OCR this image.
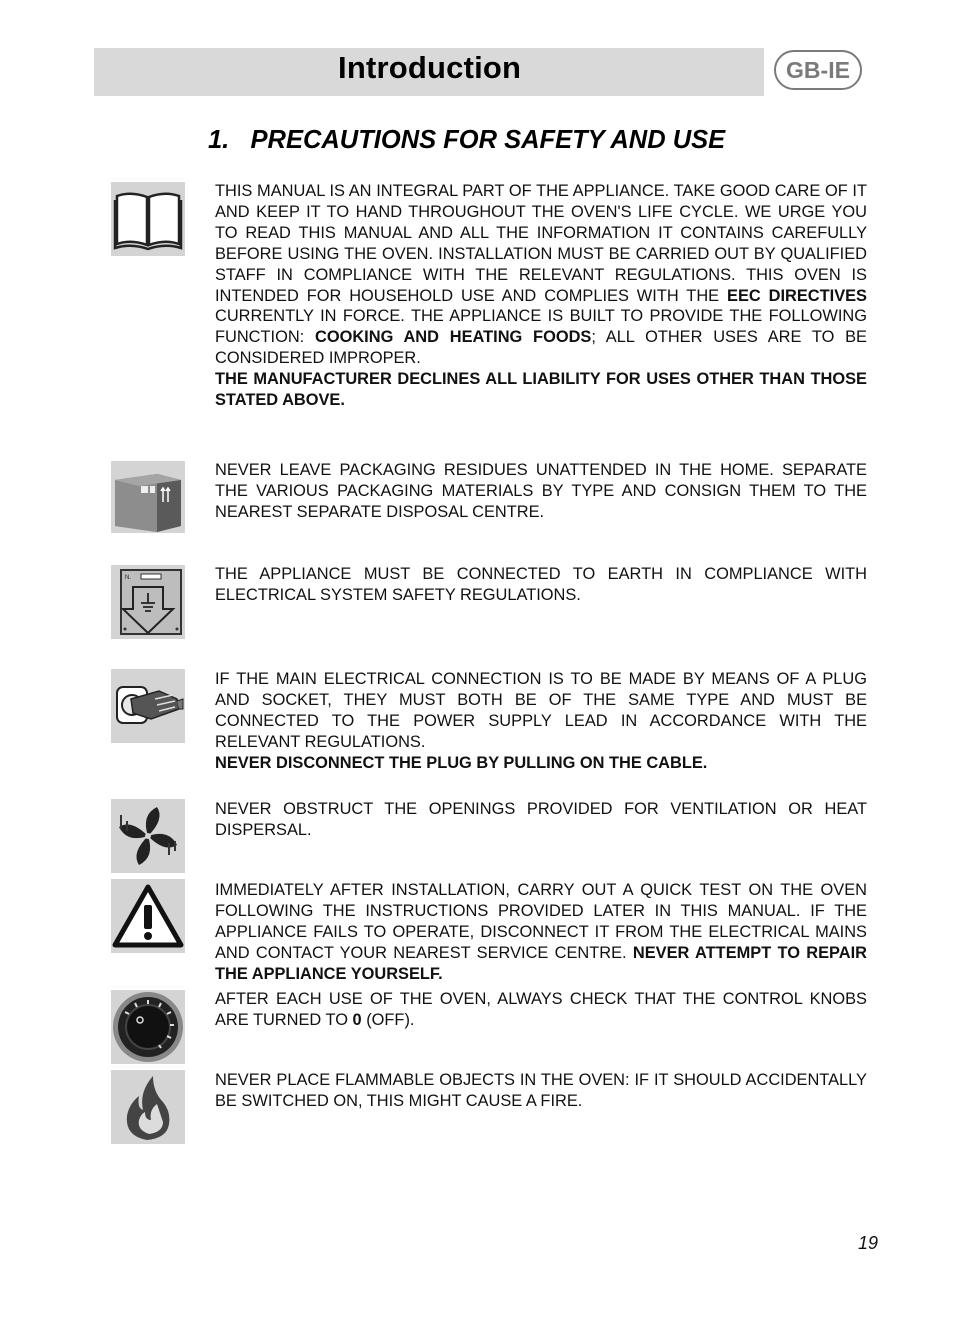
Introduction	GB-IE
1.   PRECAUTIONS FOR SAFETY AND USE
THIS MANUAL IS AN INTEGRAL PART OF THE APPLIANCE. TAKE GOOD CARE OF IT AND KEEP IT TO HAND THROUGHOUT THE OVEN'S LIFE CYCLE. WE URGE YOU TO READ THIS MANUAL AND ALL THE INFORMATION IT CONTAINS CAREFULLY BEFORE USING THE OVEN. INSTALLATION MUST BE CARRIED OUT BY QUALIFIED STAFF IN COMPLIANCE WITH THE RELEVANT REGULATIONS. THIS OVEN IS INTENDED FOR HOUSEHOLD USE AND COMPLIES WITH THE EEC DIRECTIVES CURRENTLY IN FORCE. THE APPLIANCE IS BUILT TO PROVIDE THE FOLLOWING FUNCTION: COOKING AND HEATING FOODS; ALL OTHER USES ARE TO BE CONSIDERED IMPROPER.
THE MANUFACTURER DECLINES ALL LIABILITY FOR USES OTHER THAN THOSE STATED ABOVE.
NEVER LEAVE PACKAGING RESIDUES UNATTENDED IN THE HOME. SEPARATE THE VARIOUS PACKAGING MATERIALS BY TYPE AND CONSIGN THEM TO THE NEAREST SEPARATE DISPOSAL CENTRE.
N.	THE APPLIANCE MUST BE CONNECTED TO EARTH IN COMPLIANCE WITH ELECTRICAL SYSTEM SAFETY REGULATIONS.
IF THE MAIN ELECTRICAL CONNECTION IS TO BE MADE BY MEANS OF A PLUG AND SOCKET, THEY MUST BOTH BE OF THE SAME TYPE AND MUST BE CONNECTED TO THE POWER SUPPLY LEAD IN ACCORDANCE WITH THE RELEVANT REGULATIONS.
NEVER DISCONNECT THE PLUG BY PULLING ON THE CABLE.
NEVER OBSTRUCT THE OPENINGS PROVIDED FOR VENTILATION OR HEAT DISPERSAL.
IMMEDIATELY AFTER INSTALLATION, CARRY OUT A QUICK TEST ON THE OVEN FOLLOWING THE INSTRUCTIONS PROVIDED LATER IN THIS MANUAL. IF THE APPLIANCE FAILS TO OPERATE, DISCONNECT IT FROM THE ELECTRICAL MAINS AND CONTACT YOUR NEAREST SERVICE CENTRE. NEVER ATTEMPT TO REPAIR THE APPLIANCE YOURSELF.
AFTER EACH USE OF THE OVEN, ALWAYS CHECK THAT THE CONTROL KNOBS ARE TURNED TO 0 (OFF).
NEVER PLACE FLAMMABLE OBJECTS IN THE OVEN: IF IT SHOULD ACCIDENTALLY BE SWITCHED ON, THIS MIGHT CAUSE A FIRE.
19
